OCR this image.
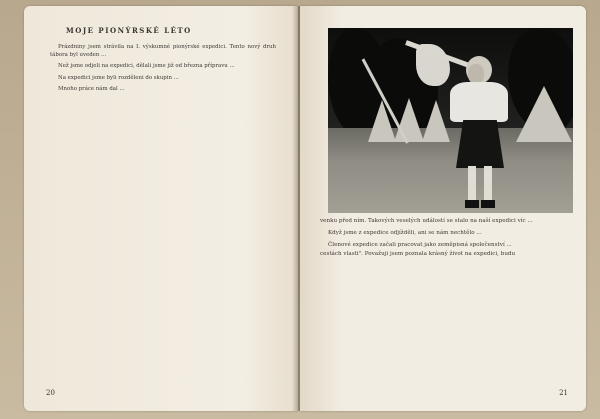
MOJE PIONÝRSKÉ LÉTO

Prázdniny jsem strávila na I. výskumné pionýrské expedici. Tento nový druh tábora byl uveden ...

Než jsme odjeli na expedici, dělali jsme již od března přípravu ...

Na expedici jsme byli rozděleni do skupin ...

Mnoho práce nám dal ...

20

venku před ním. Takových veselých událostí se stalo na naší expedici víc ...

Když jsme z expedice odjížděli, ani se nám nechtělo ...

Členové expedice začali pracovat jako zeměpisná společenství ...

cestách vlasti". Považuji jsem poznala krásný život na expedici, budu

21
